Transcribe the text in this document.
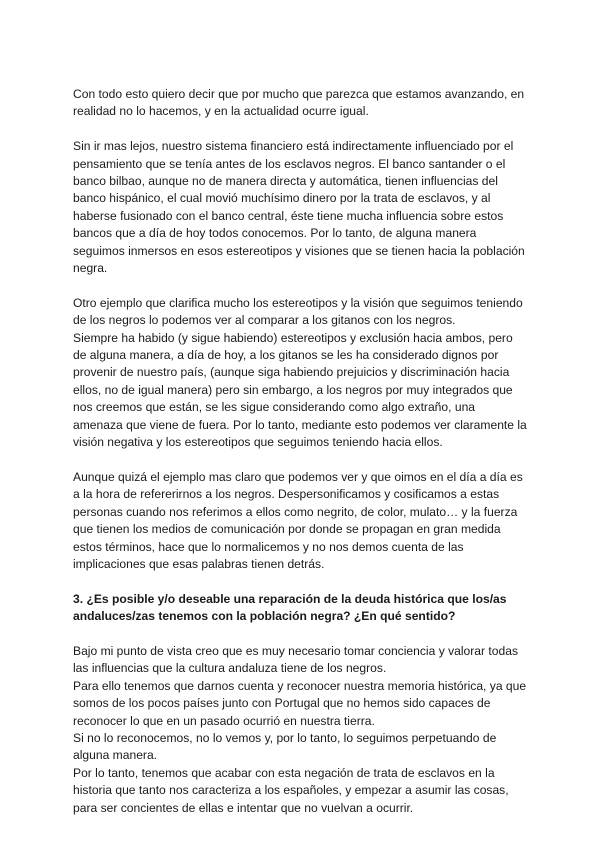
Con todo esto quiero decir que por mucho que parezca que estamos avanzando, en
realidad no lo hacemos, y en la actualidad ocurre igual.
Sin ir mas lejos, nuestro sistema financiero está indirectamente influenciado por el
pensamiento que se tenía antes de los esclavos negros. El banco santander o el
banco bilbao, aunque no de manera directa y automática, tienen influencias del
banco hispánico, el cual movió muchísimo dinero por la trata de esclavos, y al
haberse fusionado con el banco central, éste tiene mucha influencia sobre estos
bancos que a día de hoy todos conocemos. Por lo tanto, de alguna manera
seguimos inmersos en esos estereotipos y visiones que se tienen hacia la población
negra.
Otro ejemplo que clarifica mucho los estereotipos y la visión que seguimos teniendo
de los negros lo podemos ver al comparar a los gitanos con los negros.
Siempre ha habido (y sigue habiendo) estereotipos y exclusión hacia ambos, pero
de alguna manera, a día de hoy, a los gitanos se les ha considerado dignos por
provenir de nuestro país, (aunque siga habiendo prejuicios y discriminación hacia
ellos, no de igual manera) pero sin embargo, a los negros por muy integrados que
nos creemos que están, se les sigue considerando como algo extraño, una
amenaza que viene de fuera. Por lo tanto, mediante esto podemos ver claramente la
visión negativa y los estereotipos que seguimos teniendo hacia ellos.
Aunque quizá el ejemplo mas claro que podemos ver y que oimos en el día a día es
a la hora de refererirnos a los negros. Despersonificamos y cosificamos a estas
personas cuando nos referimos a ellos como negrito, de color, mulato… y la fuerza
que tienen los medios de comunicación por donde se propagan en gran medida
estos términos, hace que lo normalicemos y no nos demos cuenta de las
implicaciones que esas palabras tienen detrás.
3. ¿Es posible y/o deseable una reparación de la deuda histórica que los/as
andaluces/zas tenemos con la población negra? ¿En qué sentido?
Bajo mi punto de vista creo que es muy necesario tomar conciencia y valorar todas
las influencias que la cultura andaluza tiene de los negros.
Para ello tenemos que darnos cuenta y reconocer nuestra memoria histórica, ya que
somos de los pocos países junto con Portugal que no hemos sido capaces de
reconocer lo que en un pasado ocurrió en nuestra tierra.
Si no lo reconocemos, no lo vemos y, por lo tanto, lo seguimos perpetuando de
alguna manera.
Por lo tanto, tenemos que acabar con esta negación de trata de esclavos en la
historia que tanto nos caracteriza a los españoles, y empezar a asumir las cosas,
para ser concientes de ellas e intentar que no vuelvan a ocurrir.
